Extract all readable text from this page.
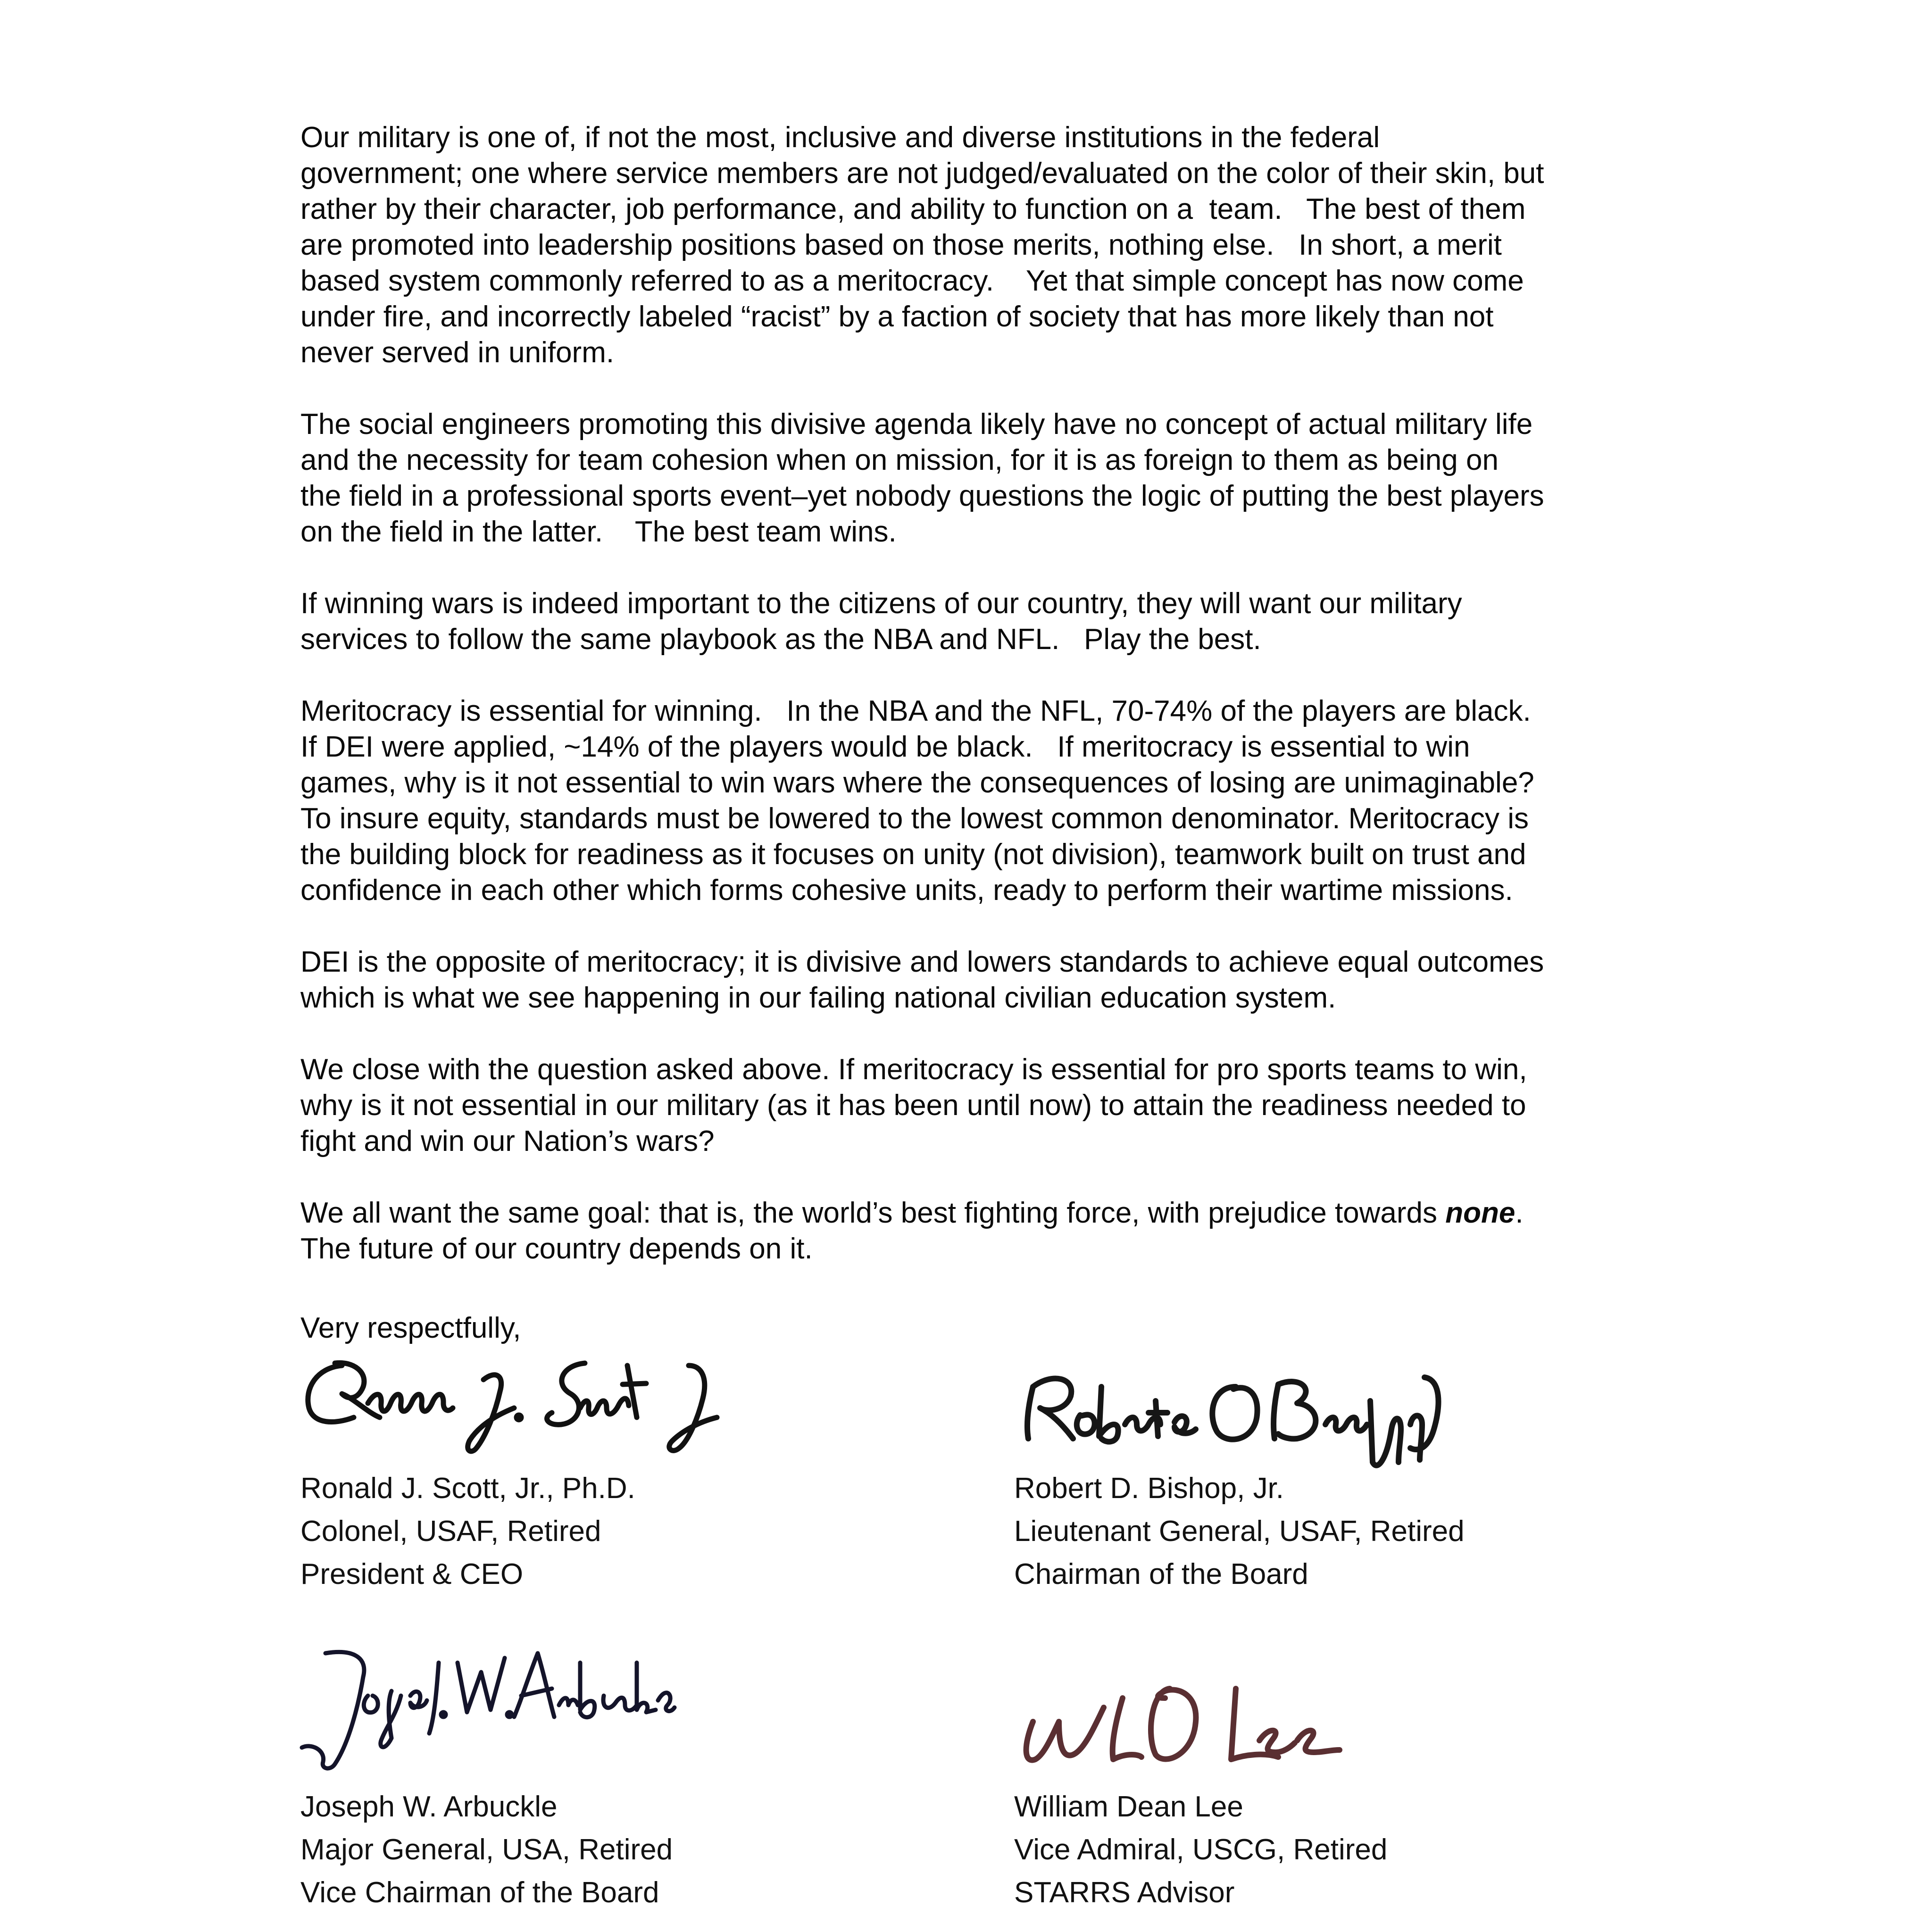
Our military is one of, if not the most, inclusive and diverse institutions in the federal
government; one where service members are not judged/evaluated on the color of their skin, but
rather by their character, job performance, and ability to function on a  team.   The best of them
are promoted into leadership positions based on those merits, nothing else.   In short, a merit
based system commonly referred to as a meritocracy.    Yet that simple concept has now come
under fire, and incorrectly labeled “racist” by a faction of society that has more likely than not
never served in uniform.
The social engineers promoting this divisive agenda likely have no concept of actual military life
and the necessity for team cohesion when on mission, for it is as foreign to them as being on
the field in a professional sports event–yet nobody questions the logic of putting the best players
on the field in the latter.    The best team wins.
If winning wars is indeed important to the citizens of our country, they will want our military
services to follow the same playbook as the NBA and NFL.   Play the best.
Meritocracy is essential for winning.   In the NBA and the NFL, 70-74% of the players are black.
If DEI were applied, ~14% of the players would be black.   If meritocracy is essential to win
games, why is it not essential to win wars where the consequences of losing are unimaginable?
To insure equity, standards must be lowered to the lowest common denominator. Meritocracy is
the building block for readiness as it focuses on unity (not division), teamwork built on trust and
confidence in each other which forms cohesive units, ready to perform their wartime missions.
DEI is the opposite of meritocracy; it is divisive and lowers standards to achieve equal outcomes
which is what we see happening in our failing national civilian education system.
We close with the question asked above. If meritocracy is essential for pro sports teams to win,
why is it not essential in our military (as it has been until now) to attain the readiness needed to
fight and win our Nation’s wars?
We all want the same goal: that is, the world’s best fighting force, with prejudice towards none.
The future of our country depends on it.
Very respectfully,
Ronald J. Scott, Jr., Ph.D.
Colonel, USAF, Retired
President & CEO
Robert D. Bishop, Jr.
Lieutenant General, USAF, Retired
Chairman of the Board
Joseph W. Arbuckle
Major General, USA, Retired
Vice Chairman of the Board
William Dean Lee
Vice Admiral, USCG, Retired
STARRS Advisor
